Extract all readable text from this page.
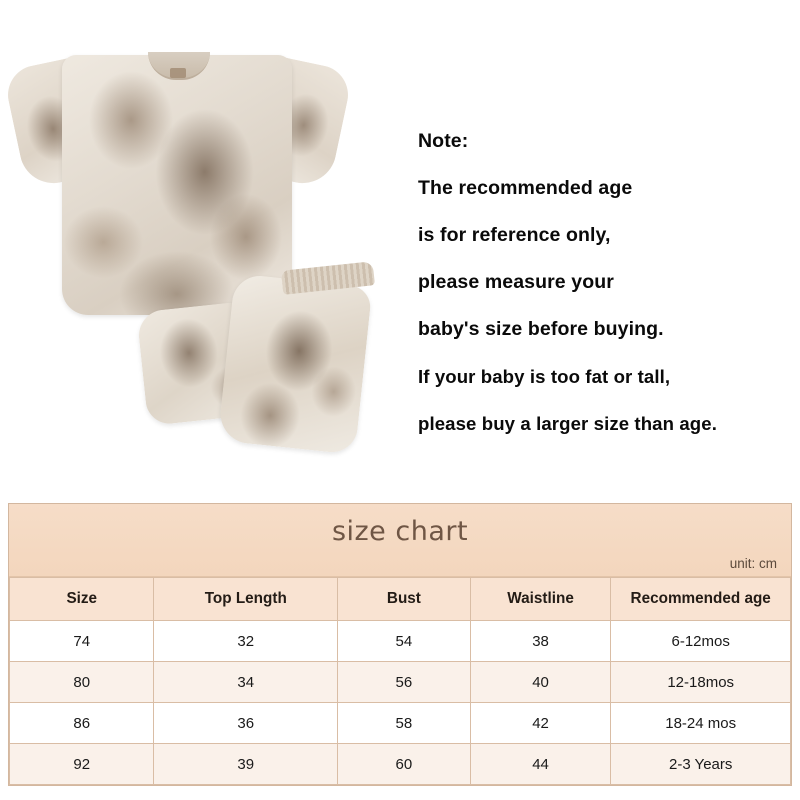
Note:
The recommended age
is for reference only,
please measure your
baby's size before buying.
If your baby is too fat or tall,
please buy a larger size than age.
size chart
unit: cm
Size	Top Length	Bust	Waistline	Recommended age
74	32	54	38	6-12mos
80	34	56	40	12-18mos
86	36	58	42	18-24 mos
92	39	60	44	2-3 Years
